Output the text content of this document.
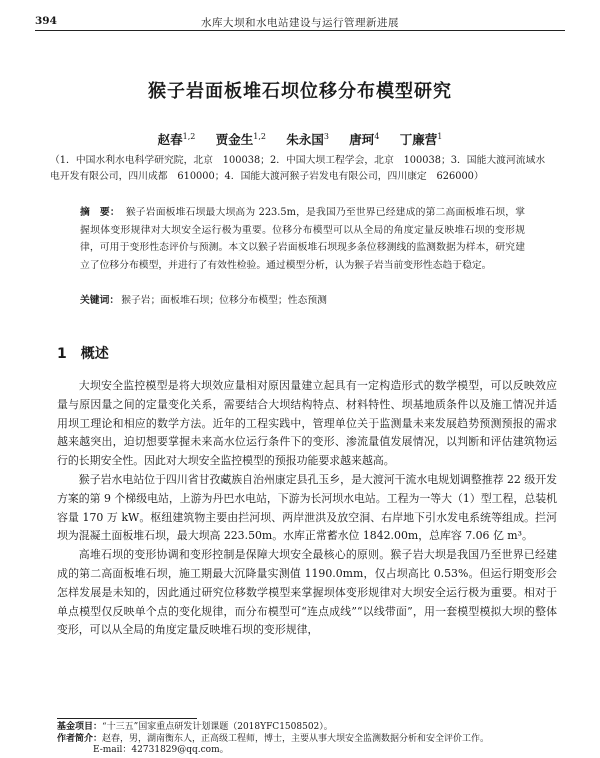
394	水库大坝和水电站建设与运行管理新进展
猴子岩面板堆石坝位移分布模型研究
赵春$^{1,2}$ 贾金生$^{1,2}$ 朱永国$^3$ 唐珂$^4$ 丁廉营$^1$
（1．中国水利水电科学研究院，北京　100038；2．中国大坝工程学会，北京　100038；3．国能大渡河流域水电开发有限公司，四川成都　610000；4．国能大渡河猴子岩发电有限公司，四川康定　626000）
摘　要： 猴子岩面板堆石坝最大坝高为 223.5m，是我国乃至世界已经建成的第二高面板堆石坝，掌握坝体变形规律对大坝安全运行极为重要。位移分布模型可以从全局的角度定量反映堆石坝的变形规律，可用于变形性态评价与预测。本文以猴子岩面板堆石坝现多条位移测线的监测数据为样本，研究建立了位移分布模型，并进行了有效性检验。通过模型分析，认为猴子岩当前变形性态趋于稳定。
关键词： 猴子岩；面板堆石坝；位移分布模型；性态预测
1 概述

大坝安全监控模型是将大坝效应量相对原因量建立起具有一定构造形式的数学模型，可以反映效应量与原因量之间的定量变化关系，需要结合大坝结构特点、材料特性、坝基地质条件以及施工情况并适用坝工理论和相应的数学方法。近年的工程实践中，管理单位关于监测量未来发展趋势预测预报的需求越来越突出，迫切想要掌握未来高水位运行条件下的变形、渗流量值发展情况，以判断和评估建筑物运行的长期安全性。因此对大坝安全监控模型的预报功能要求越来越高。

猴子岩水电站位于四川省甘孜藏族自治州康定县孔玉乡，是大渡河干流水电规划调整推荐 22 级开发方案的第 9 个梯级电站，上游为丹巴水电站，下游为长河坝水电站。工程为一等大（1）型工程，总装机容量 170 万 kW。枢纽建筑物主要由拦河坝、两岸泄洪及放空洞、右岸地下引水发电系统等组成。拦河坝为混凝土面板堆石坝，最大坝高 223.50m。水库正常蓄水位 1842.00m，总库容 7.06 亿 m³。

高堆石坝的变形协调和变形控制是保障大坝安全最核心的原则。猴子岩大坝是我国乃至世界已经建成的第二高面板堆石坝，施工期最大沉降量实测值 1190.0mm，仅占坝高比 0.53%。但运行期变形会怎样发展是未知的，因此通过研究位移数学模型来掌握坝体变形规律对大坝安全运行极为重要。相对于单点模型仅反映单个点的变化规律，而分布模型可“连点成线”“以线带面”，用一套模型模拟大坝的整体变形，可以从全局的角度定量反映堆石坝的变形规律，

基金项目：“十三五”国家重点研发计划课题（2018YFC1508502）。

作者简介：赵春，男，湖南衡东人，正高级工程师，博士，主要从事大坝安全监测数据分析和安全评价工作。

E-mail：42731829@qq.com。
